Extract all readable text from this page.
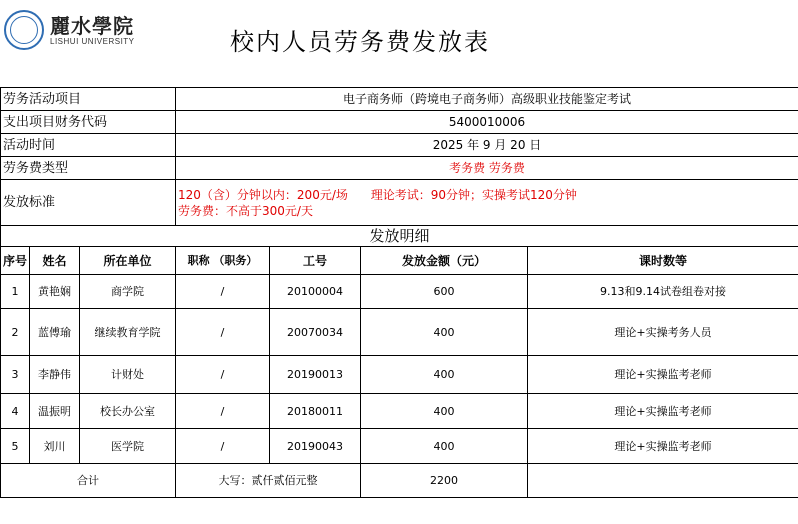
麗水學院
LISHUI UNIVERSITY	校内人员劳务费发放表
劳务活动项目			电子商务师（跨境电子商务师）高级职业技能鉴定考试			
支出项目财务代码			5400010006			
活动时间			2025 年 9 月 20 日			
劳务费类型			考务费 劳务费			
发放标准			120（含）分钟以内：200元/场      理论考试：90分钟；实操考试120分钟
劳务费：不高于300元/天			

发放明细						
序号	姓名	所在单位	职称 （职务）	工号	发放金额（元）	课时数等
1	黄艳娴	商学院	/	20100004	600	9.13和9.14试卷组卷对接
2	蓝傅瑜	继续教育学院	/	20070034	400	理论+实操考务人员
3	李静伟	计财处	/	20190013	400	理论+实操监考老师
4	温振明	校长办公室	/	20180011	400	理论+实操监考老师
5	刘川	医学院	/	20190043	400	理论+实操监考老师
合计			大写：贰仟贰佰元整		2200	
